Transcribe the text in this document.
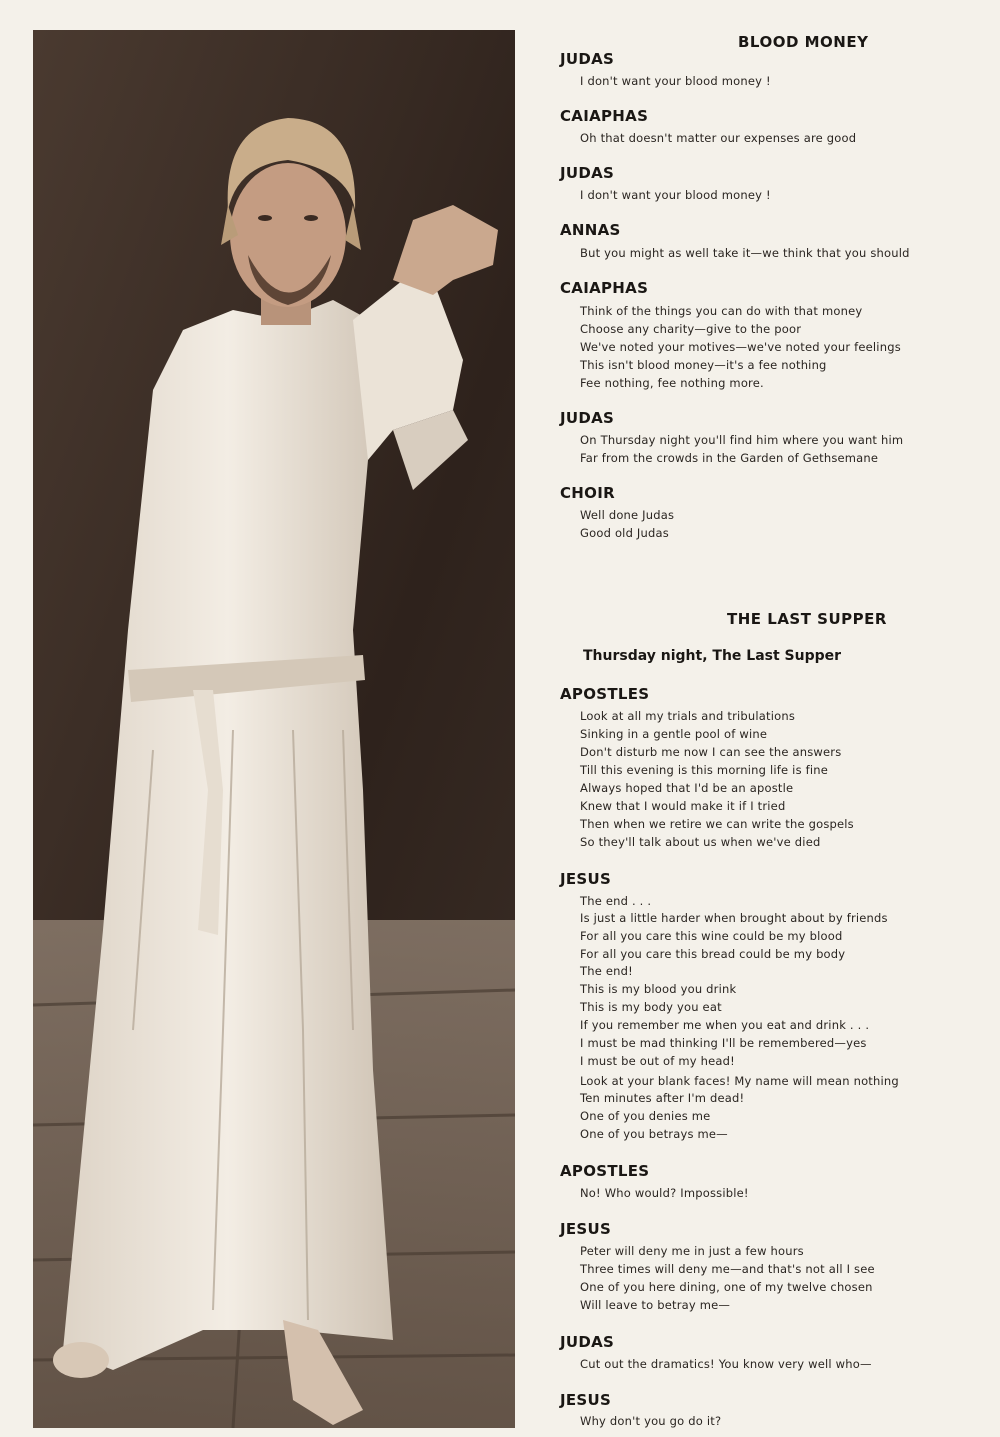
BLOOD MONEY
JUDAS
I don't want your blood money !
CAIAPHAS
Oh that doesn't matter our expenses are good
JUDAS
I don't want your blood money !
ANNAS
But you might as well take it—we think that you should
CAIAPHAS
Think of the things you can do with that money
Choose any charity—give to the poor
We've noted your motives—we've noted your feelings
This isn't blood money—it's a fee nothing
Fee nothing, fee nothing more.
JUDAS
On Thursday night you'll find him where you want him
Far from the crowds in the Garden of Gethsemane
CHOIR
Well done Judas
Good old Judas
THE LAST SUPPER
Thursday night, The Last Supper
APOSTLES
Look at all my trials and tribulations
Sinking in a gentle pool of wine
Don't disturb me now I can see the answers
Till this evening is this morning life is fine
Always hoped that I'd be an apostle
Knew that I would make it if I tried
Then when we retire we can write the gospels
So they'll talk about us when we've died
JESUS
The end . . .
Is just a little harder when brought about by friends
For all you care this wine could be my blood
For all you care this bread could be my body
The end!
This is my blood you drink
This is my body you eat
If you remember me when you eat and drink . . .
I must be mad thinking I'll be remembered—yes
I must be out of my head!
Look at your blank faces! My name will mean nothing
Ten minutes after I'm dead!
One of you denies me
One of you betrays me—
APOSTLES
No! Who would? Impossible!
JESUS
Peter will deny me in just a few hours
Three times will deny me—and that's not all I see
One of you here dining, one of my twelve chosen
Will leave to betray me—
JUDAS
Cut out the dramatics! You know very well who—
JESUS
Why don't you go do it?
